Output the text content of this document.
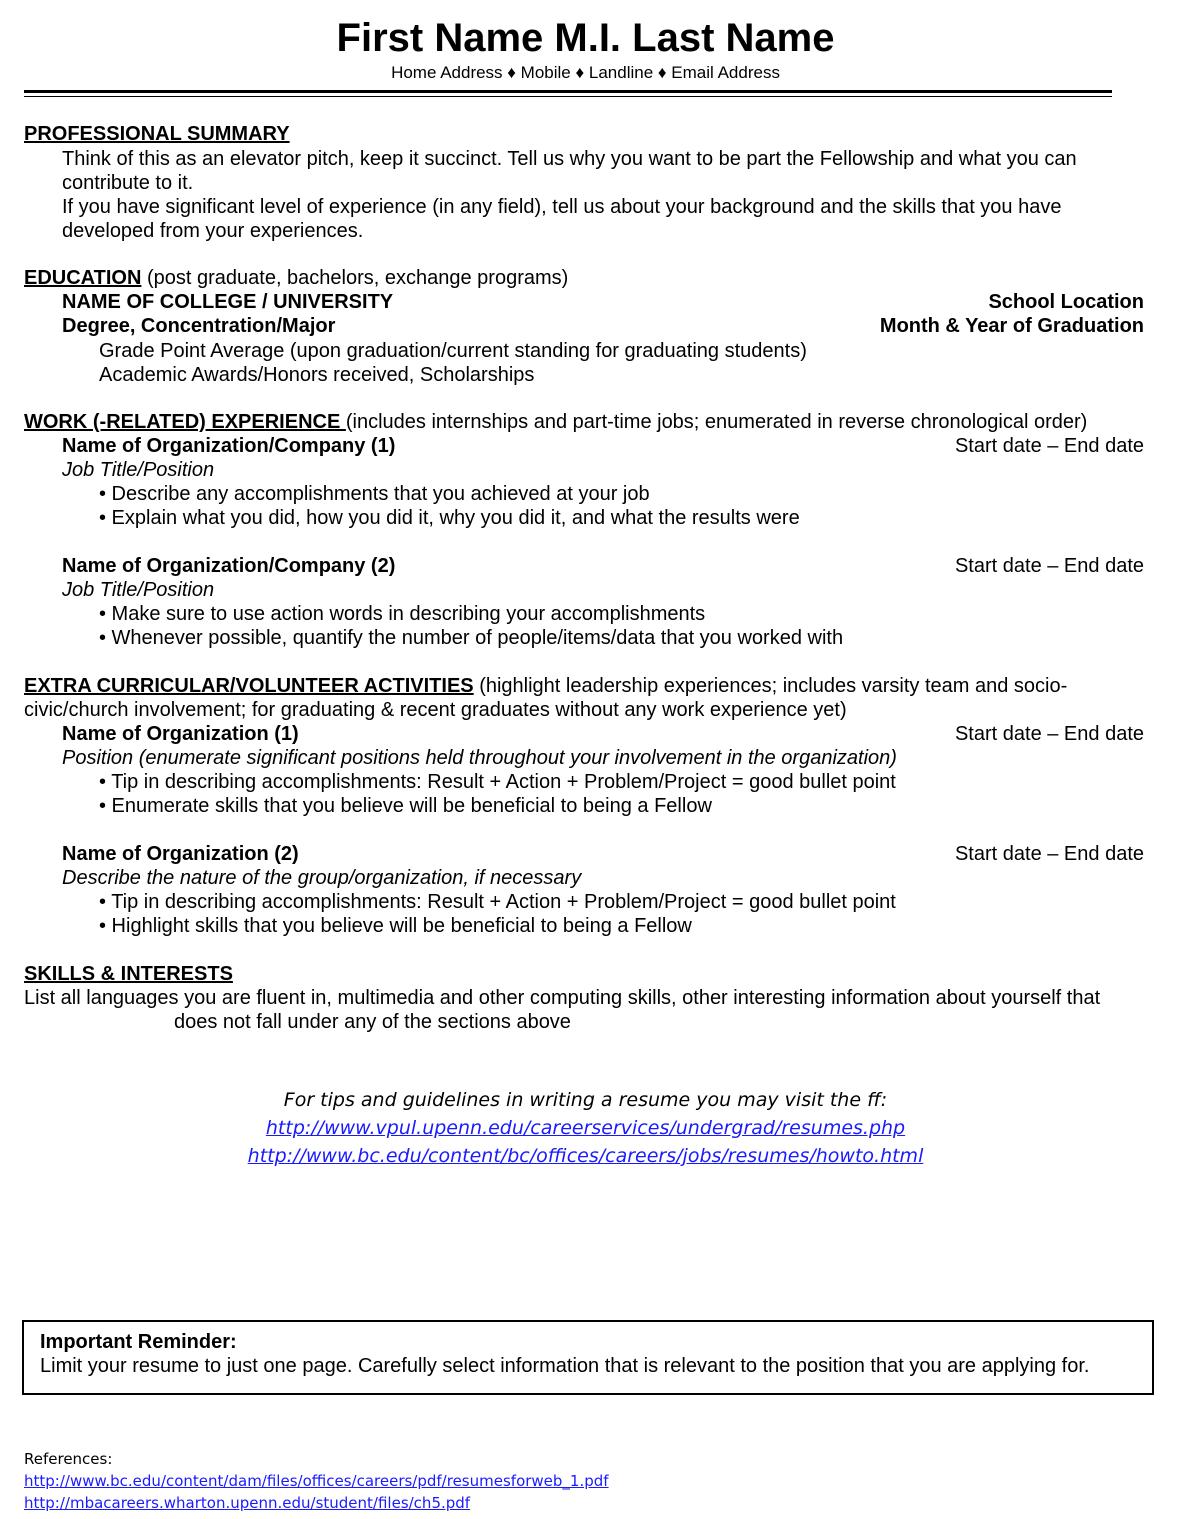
First Name M.I. Last Name
Home Address ♦ Mobile ♦ Landline ♦ Email Address
PROFESSIONAL SUMMARY
Think of this as an elevator pitch, keep it succinct. Tell us why you want to be part the Fellowship and what you can
contribute to it.
If you have significant level of experience (in any field), tell us about your background and the skills that you have
developed from your experiences.
EDUCATION (post graduate, bachelors, exchange programs)
NAME OF COLLEGE / UNIVERSITY	School Location
Degree, Concentration/Major	Month & Year of Graduation
Grade Point Average (upon graduation/current standing for graduating students)
Academic Awards/Honors received, Scholarships
WORK (-RELATED) EXPERIENCE (includes internships and part-time jobs; enumerated in reverse chronological order)
Name of Organization/Company (1)	Start date – End date
Job Title/Position
• Describe any accomplishments that you achieved at your job
• Explain what you did, how you did it, why you did it, and what the results were
Name of Organization/Company (2)	Start date – End date
Job Title/Position
• Make sure to use action words in describing your accomplishments
• Whenever possible, quantify the number of people/items/data that you worked with
EXTRA CURRICULAR/VOLUNTEER ACTIVITIES (highlight leadership experiences; includes varsity team and socio-
civic/church involvement; for graduating & recent graduates without any work experience yet)
Name of Organization (1)	Start date – End date
Position (enumerate significant positions held throughout your involvement in the organization)
• Tip in describing accomplishments: Result + Action + Problem/Project = good bullet point
• Enumerate skills that you believe will be beneficial to being a Fellow
Name of Organization (2)	Start date – End date
Describe the nature of the group/organization, if necessary
• Tip in describing accomplishments: Result + Action + Problem/Project = good bullet point
• Highlight skills that you believe will be beneficial to being a Fellow
SKILLS & INTERESTS
List all languages you are fluent in, multimedia and other computing skills, other interesting information about yourself that
does not fall under any of the sections above
For tips and guidelines in writing a resume you may visit the ff:
http://www.vpul.upenn.edu/careerservices/undergrad/resumes.php
http://www.bc.edu/content/bc/offices/careers/jobs/resumes/howto.html
Important Reminder:
Limit your resume to just one page. Carefully select information that is relevant to the position that you are applying for.
References:
http://www.bc.edu/content/dam/files/offices/careers/pdf/resumesforweb_1.pdf
http://mbacareers.wharton.upenn.edu/student/files/ch5.pdf
